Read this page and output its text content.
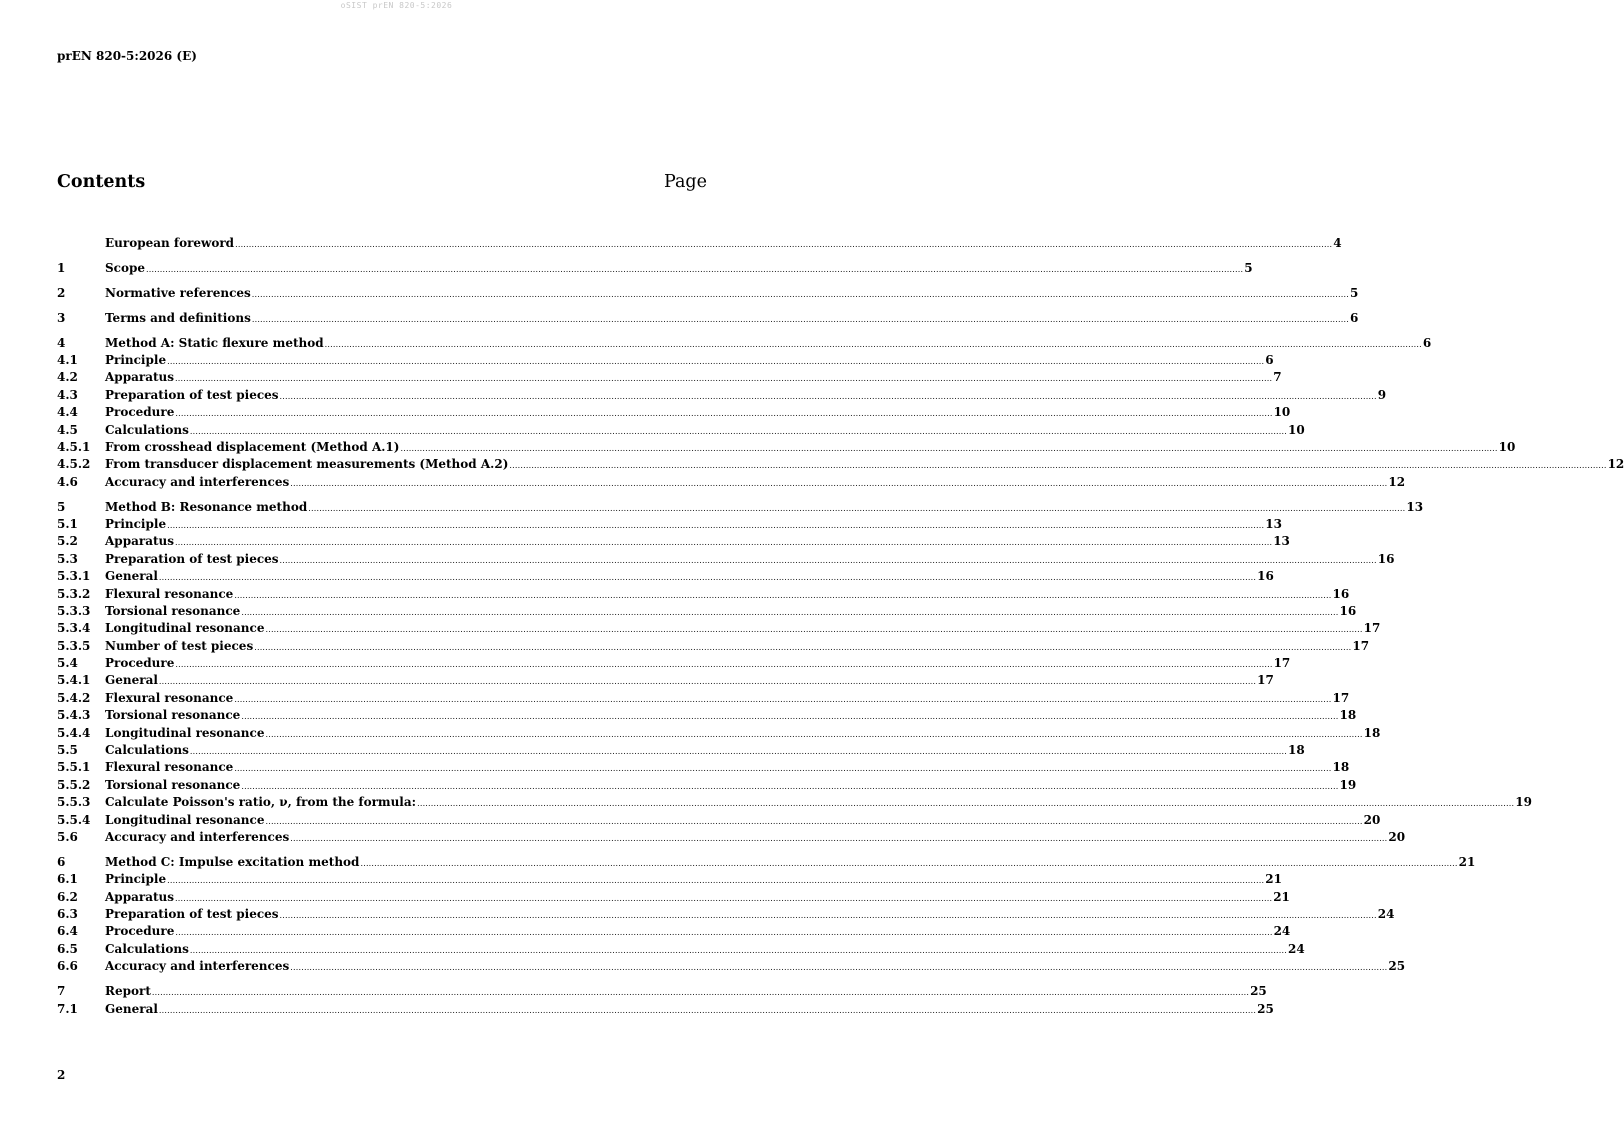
oSIST prEN 820-5:2026
prEN 820-5:2026 (E)
Contents	Page
European foreword ................................................................................................................................................................................................................................................................................................................................................................................................................ 4
1	Scope ................................................................................................................................................................................................................................................................................................................................................................................................................ 5
2	Normative references ................................................................................................................................................................................................................................................................................................................................................................................................................ 5
3	Terms and definitions ................................................................................................................................................................................................................................................................................................................................................................................................................ 6
4	Method A: Static flexure method ................................................................................................................................................................................................................................................................................................................................................................................................................ 6
4.1	Principle ................................................................................................................................................................................................................................................................................................................................................................................................................ 6
4.2	Apparatus ................................................................................................................................................................................................................................................................................................................................................................................................................ 7
4.3	Preparation of test pieces ................................................................................................................................................................................................................................................................................................................................................................................................................ 9
4.4	Procedure ................................................................................................................................................................................................................................................................................................................................................................................................................ 10
4.5	Calculations ................................................................................................................................................................................................................................................................................................................................................................................................................ 10
4.5.1	From crosshead displacement (Method A.1) ................................................................................................................................................................................................................................................................................................................................................................................................................ 10
4.5.2	From transducer displacement measurements (Method A.2) ................................................................................................................................................................................................................................................................................................................................................................................................................ 12
4.6	Accuracy and interferences ................................................................................................................................................................................................................................................................................................................................................................................................................ 12
5	Method B: Resonance method ................................................................................................................................................................................................................................................................................................................................................................................................................ 13
5.1	Principle ................................................................................................................................................................................................................................................................................................................................................................................................................ 13
5.2	Apparatus ................................................................................................................................................................................................................................................................................................................................................................................................................ 13
5.3	Preparation of test pieces ................................................................................................................................................................................................................................................................................................................................................................................................................ 16
5.3.1	General ................................................................................................................................................................................................................................................................................................................................................................................................................ 16
5.3.2	Flexural resonance ................................................................................................................................................................................................................................................................................................................................................................................................................ 16
5.3.3	Torsional resonance ................................................................................................................................................................................................................................................................................................................................................................................................................ 16
5.3.4	Longitudinal resonance ................................................................................................................................................................................................................................................................................................................................................................................................................ 17
5.3.5	Number of test pieces ................................................................................................................................................................................................................................................................................................................................................................................................................ 17
5.4	Procedure ................................................................................................................................................................................................................................................................................................................................................................................................................ 17
5.4.1	General ................................................................................................................................................................................................................................................................................................................................................................................................................ 17
5.4.2	Flexural resonance ................................................................................................................................................................................................................................................................................................................................................................................................................ 17
5.4.3	Torsional resonance ................................................................................................................................................................................................................................................................................................................................................................................................................ 18
5.4.4	Longitudinal resonance ................................................................................................................................................................................................................................................................................................................................................................................................................ 18
5.5	Calculations ................................................................................................................................................................................................................................................................................................................................................................................................................ 18
5.5.1	Flexural resonance ................................................................................................................................................................................................................................................................................................................................................................................................................ 18
5.5.2	Torsional resonance ................................................................................................................................................................................................................................................................................................................................................................................................................ 19
5.5.3	Calculate Poisson's ratio, ν, from the formula: ................................................................................................................................................................................................................................................................................................................................................................................................................ 19
5.5.4	Longitudinal resonance ................................................................................................................................................................................................................................................................................................................................................................................................................ 20
5.6	Accuracy and interferences ................................................................................................................................................................................................................................................................................................................................................................................................................ 20
6	Method C: Impulse excitation method ................................................................................................................................................................................................................................................................................................................................................................................................................ 21
6.1	Principle ................................................................................................................................................................................................................................................................................................................................................................................................................ 21
6.2	Apparatus ................................................................................................................................................................................................................................................................................................................................................................................................................ 21
6.3	Preparation of test pieces ................................................................................................................................................................................................................................................................................................................................................................................................................ 24
6.4	Procedure ................................................................................................................................................................................................................................................................................................................................................................................................................ 24
6.5	Calculations ................................................................................................................................................................................................................................................................................................................................................................................................................ 24
6.6	Accuracy and interferences ................................................................................................................................................................................................................................................................................................................................................................................................................ 25
7	Report ................................................................................................................................................................................................................................................................................................................................................................................................................ 25
7.1	General ................................................................................................................................................................................................................................................................................................................................................................................................................ 25
2
